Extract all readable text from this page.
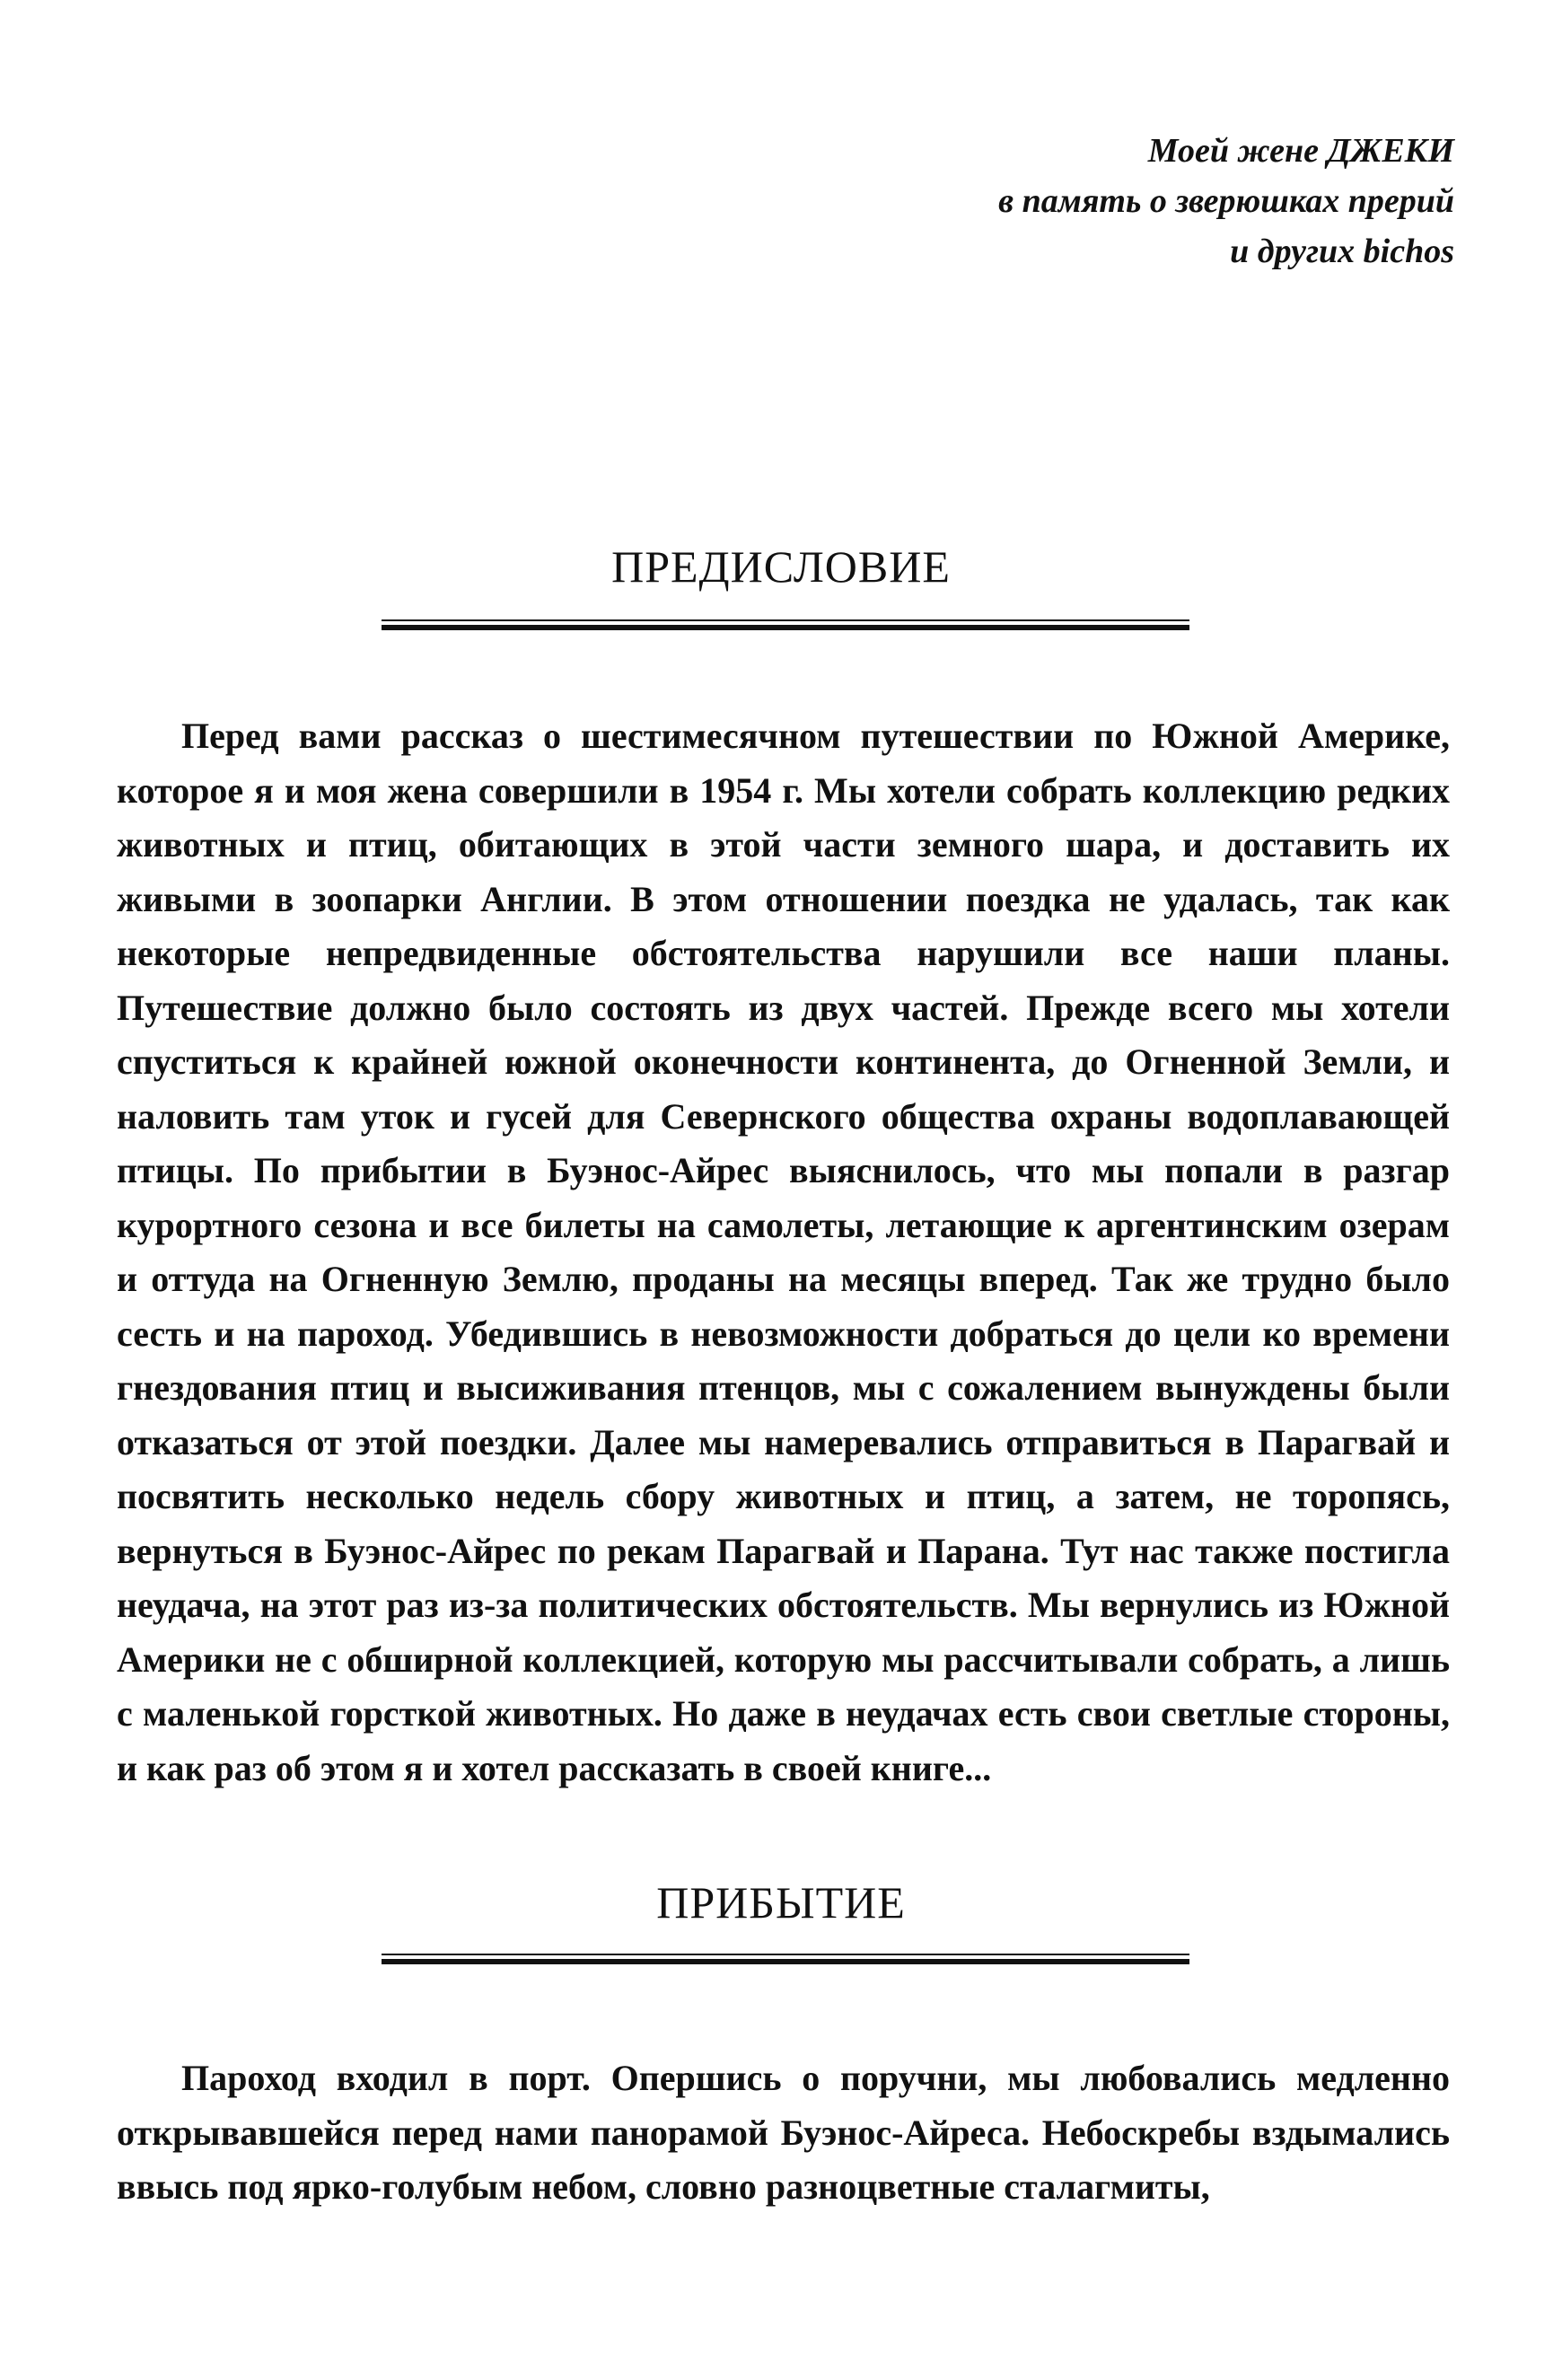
Моей жене ДЖЕКИ
в память о зверюшках прерий
и других bichos
ПРЕДИСЛОВИЕ

Перед вами рассказ о шестимесячном путешествии по Южной Америке, которое я и моя жена совершили в 1954 г. Мы хотели собрать коллекцию редких животных и птиц, обитающих в этой части земного шара, и доставить их живыми в зоопарки Англии. В этом отношении поездка не удалась, так как некоторые непредвиденные обстоятельства нарушили все наши планы. Путешествие должно было состоять из двух частей. Прежде всего мы хотели спуститься к крайней южной оконечности континента, до Огненной Земли, и наловить там уток и гусей для Севернского общества охраны водоплавающей птицы. По прибытии в Буэнос-Айрес выяснилось, что мы попали в разгар курортного сезона и все билеты на самолеты, летающие к аргентинским озерам и оттуда на Огненную Землю, проданы на месяцы вперед. Так же трудно было сесть и на пароход. Убедившись в невозможности добраться до цели ко времени гнездования птиц и высиживания птенцов, мы с сожалением вынуждены были отказаться от этой поездки. Далее мы намеревались отправиться в Парагвай и посвятить несколько недель сбору животных и птиц, а затем, не торопясь, вернуться в Буэнос-Айрес по рекам Парагвай и Парана. Тут нас также постигла неудача, на этот раз из-за политических обстоятельств. Мы вернулись из Южной Америки не с обширной коллекцией, которую мы рассчитывали собрать, а лишь с маленькой горсткой животных. Но даже в неудачах есть свои светлые стороны, и как раз об этом я и хотел рассказать в своей книге...

ПРИБЫТИЕ

Пароход входил в порт. Опершись о поручни, мы любовались медленно открывавшейся перед нами панорамой Буэнос-Айреса. Небоскребы вздымались ввысь под ярко-голубым небом, словно разноцветные сталагмиты,
